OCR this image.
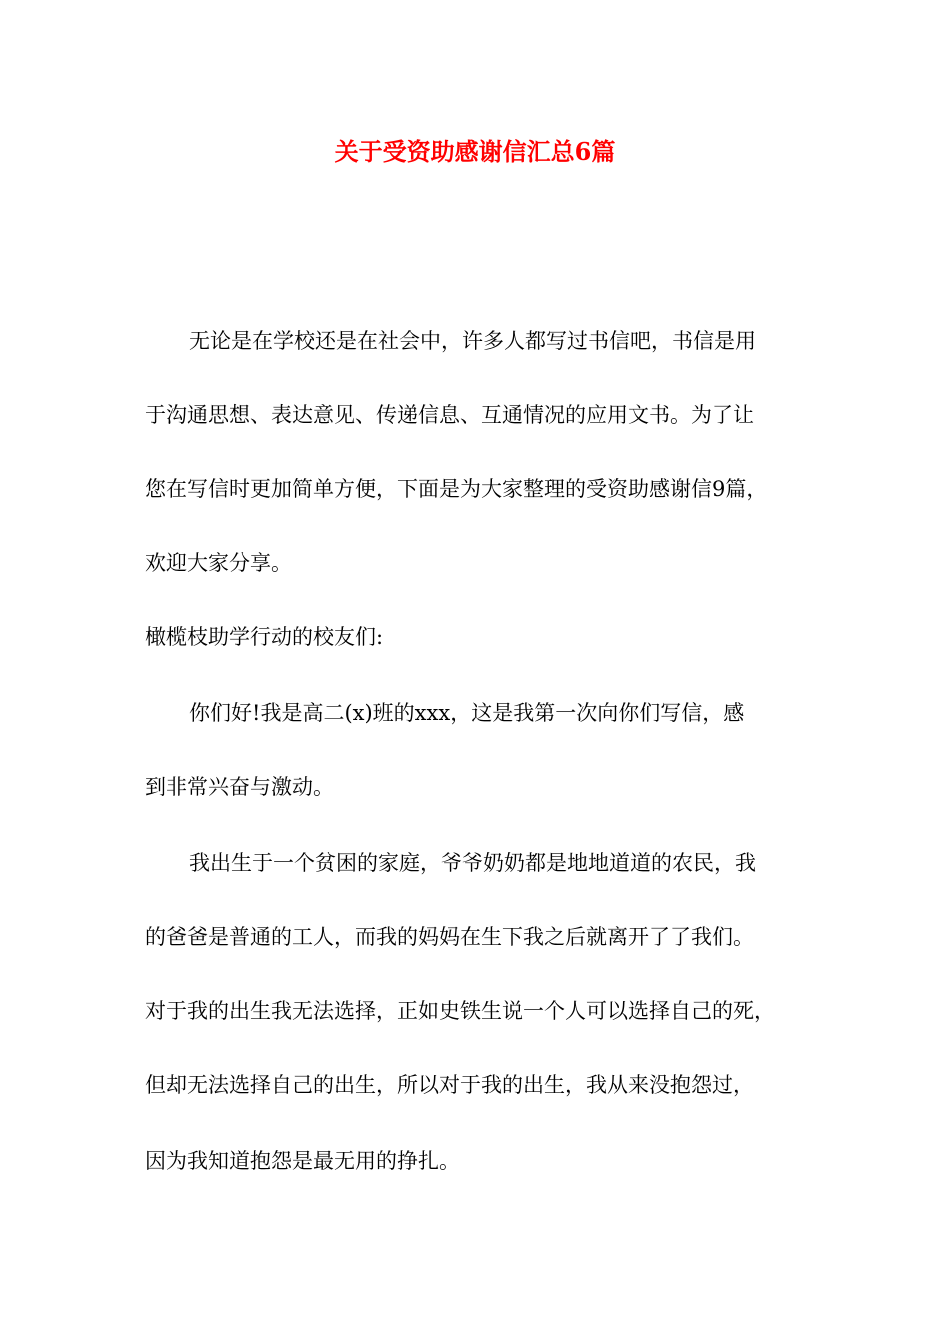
关于受资助感谢信汇总6篇

无论是在学校还是在社会中，许多人都写过书信吧，书信是用

于沟通思想、表达意见、传递信息、互通情况的应用文书。为了让

您在写信时更加简单方便，下面是为大家整理的受资助感谢信9篇，

欢迎大家分享。

橄榄枝助学行动的校友们:

你们好!我是高二(x)班的xxx，这是我第一次向你们写信，感

到非常兴奋与激动。

我出生于一个贫困的家庭，爷爷奶奶都是地地道道的农民，我

的爸爸是普通的工人，而我的妈妈在生下我之后就离开了了我们。

对于我的出生我无法选择，正如史铁生说一个人可以选择自己的死，

但却无法选择自己的出生，所以对于我的出生，我从来没抱怨过，

因为我知道抱怨是最无用的挣扎。
